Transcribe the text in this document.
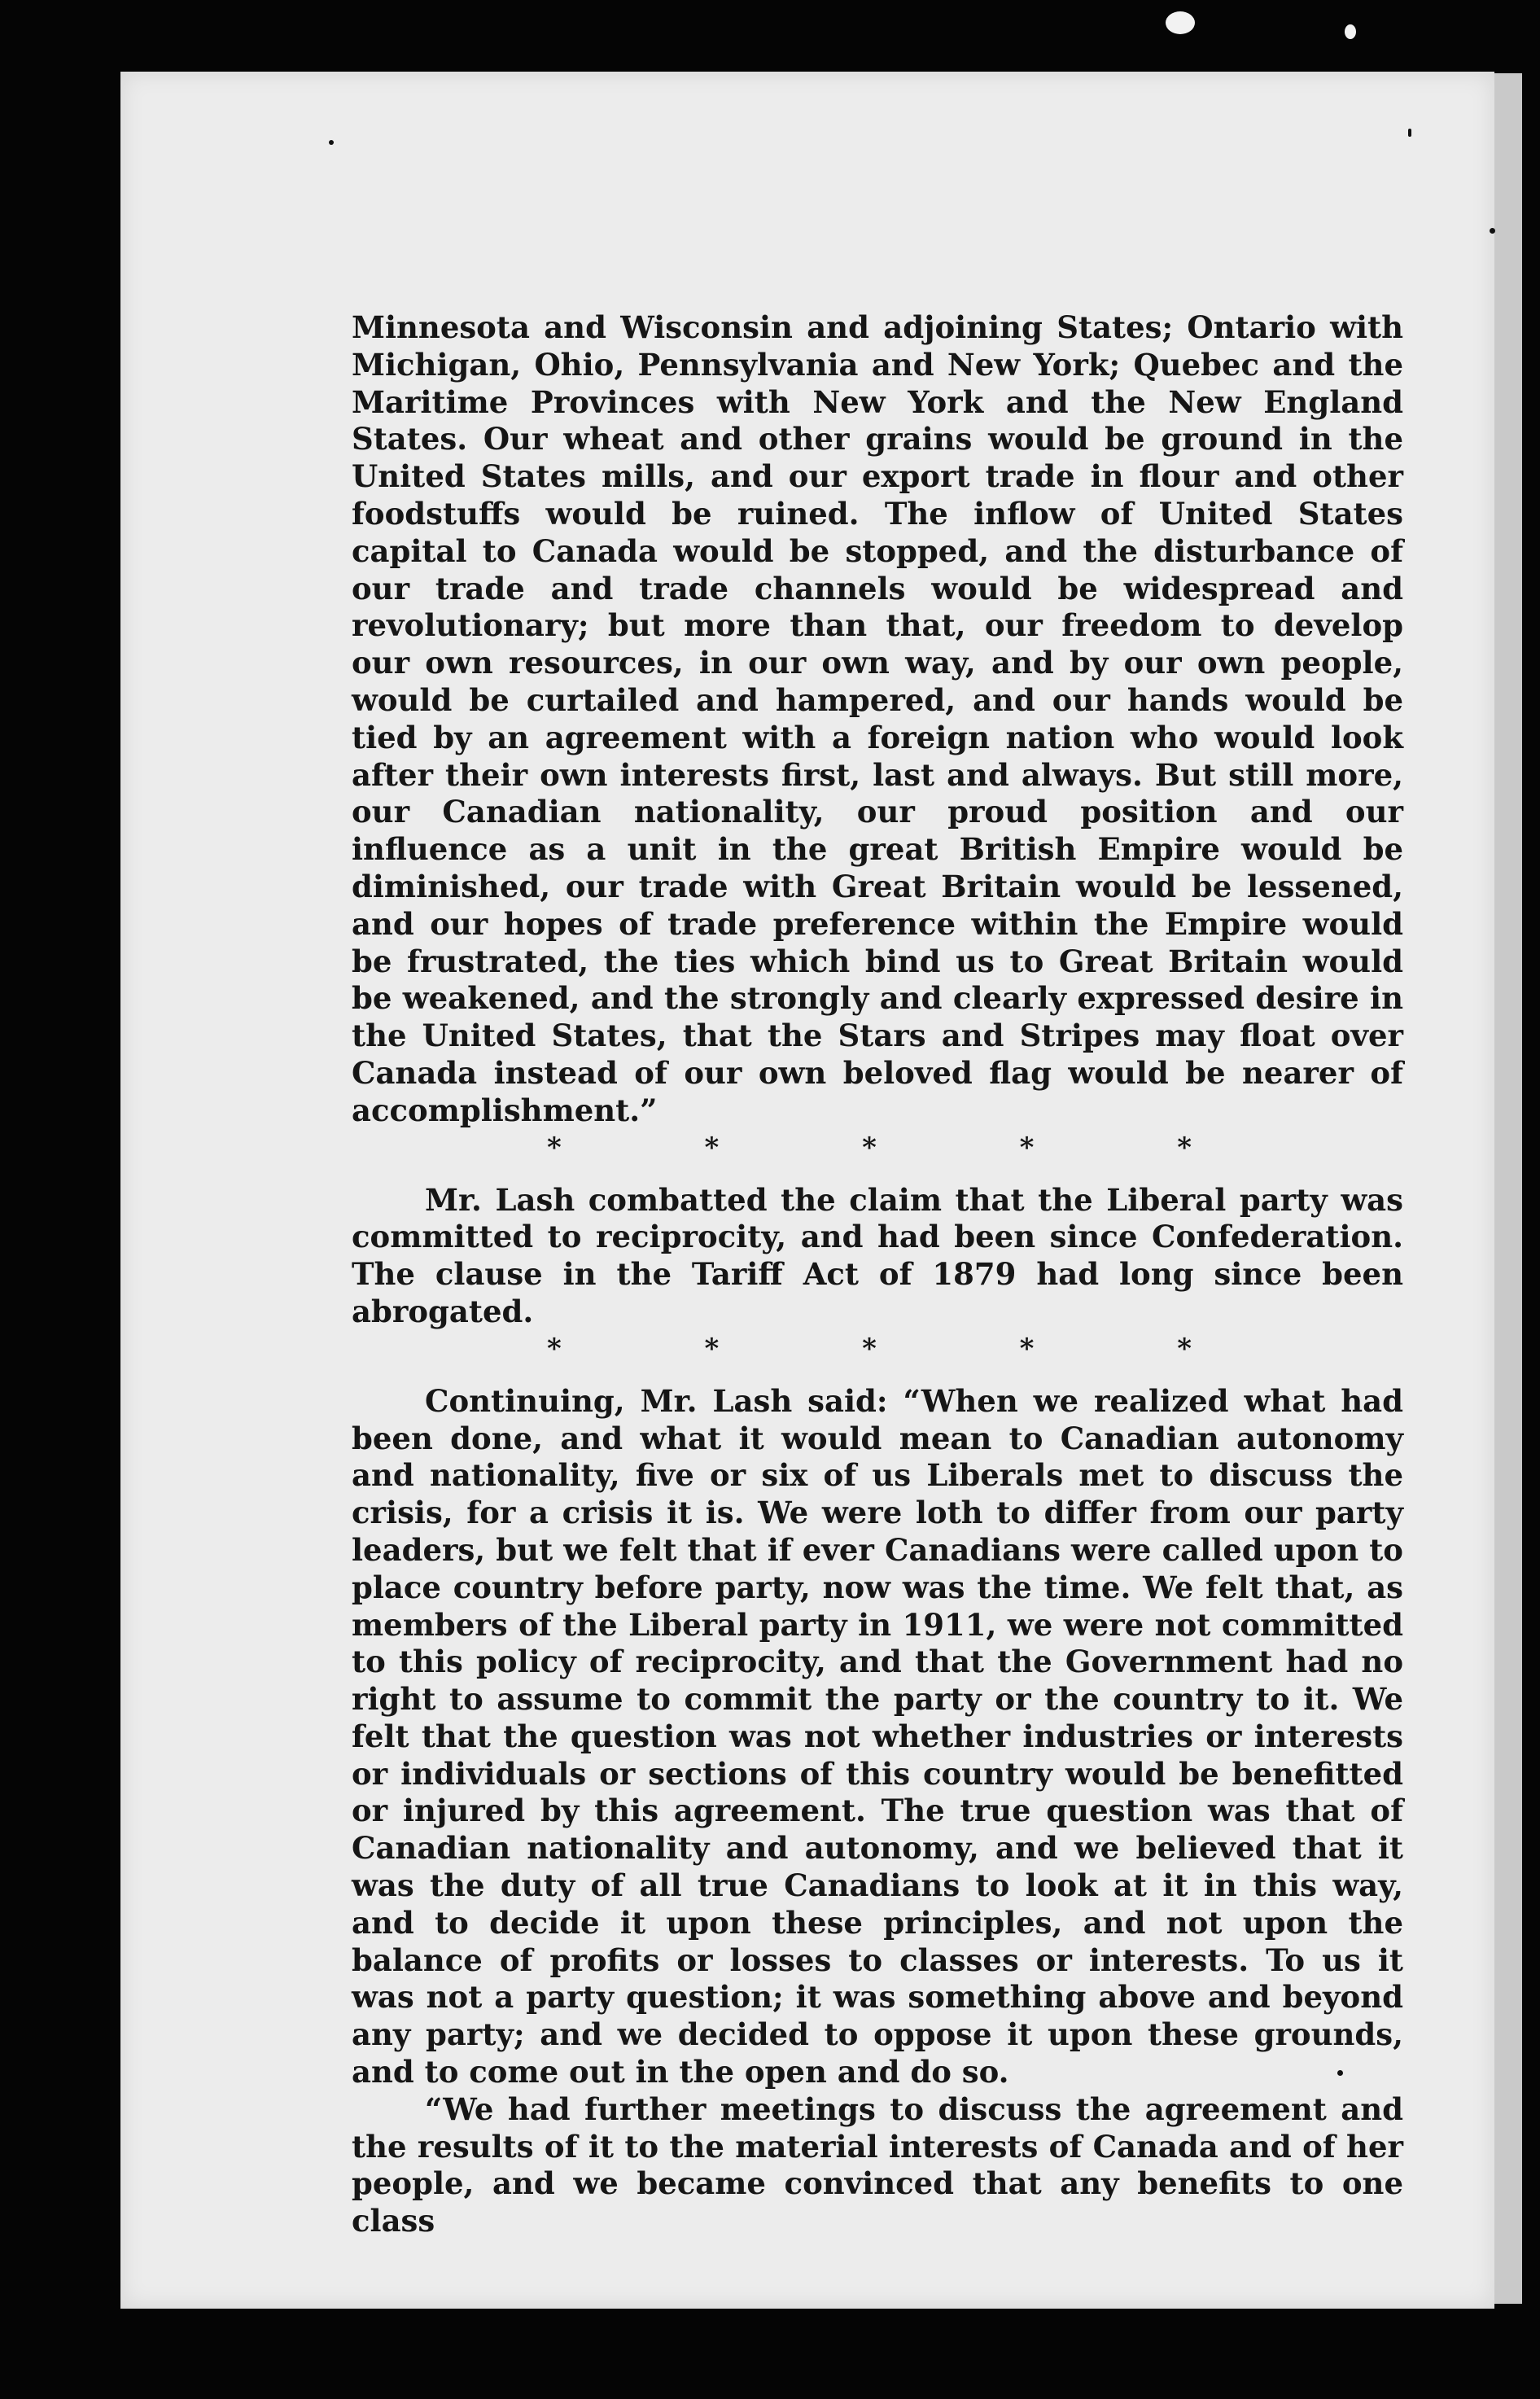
Minnesota and Wisconsin and adjoining States; Ontario with Michigan, Ohio, Pennsylvania and New York; Quebec and the Maritime Provinces with New York and the New England States. Our wheat and other grains would be ground in the United States mills, and our export trade in flour and other foodstuffs would be ruined. The inflow of United States capital to Canada would be stopped, and the disturbance of our trade and trade channels would be widespread and revolutionary; but more than that, our freedom to develop our own resources, in our own way, and by our own people, would be curtailed and hampered, and our hands would be tied by an agreement with a foreign nation who would look after their own interests first, last and always. But still more, our Canadian nationality, our proud position and our influence as a unit in the great British Empire would be diminished, our trade with Great Britain would be lessened, and our hopes of trade preference within the Empire would be frustrated, the ties which bind us to Great Britain would be weakened, and the strongly and clearly expressed desire in the United States, that the Stars and Stripes may float over Canada instead of our own beloved flag would be nearer of accomplishment.”

*	*	*	*	*

Mr. Lash combatted the claim that the Liberal party was committed to reciprocity, and had been since Confederation. The clause in the Tariff Act of 1879 had long since been abrogated.

*	*	*	*	*

Continuing, Mr. Lash said: “When we realized what had been done, and what it would mean to Canadian autonomy and nationality, five or six of us Liberals met to discuss the crisis, for a crisis it is. We were loth to differ from our party leaders, but we felt that if ever Canadians were called upon to place country before party, now was the time. We felt that, as members of the Liberal party in 1911, we were not committed to this policy of reciprocity, and that the Government had no right to assume to commit the party or the country to it. We felt that the question was not whether industries or interests or individuals or sections of this country would be benefitted or injured by this agreement. The true question was that of Canadian nationality and autonomy, and we believed that it was the duty of all true Canadians to look at it in this way, and to decide it upon these principles, and not upon the balance of profits or losses to classes or interests. To us it was not a party question; it was something above and beyond any party; and we decided to oppose it upon these grounds, and to come out in the open and do so.

“We had further meetings to discuss the agreement and the results of it to the material interests of Canada and of her people, and we became convinced that any benefits to one class
